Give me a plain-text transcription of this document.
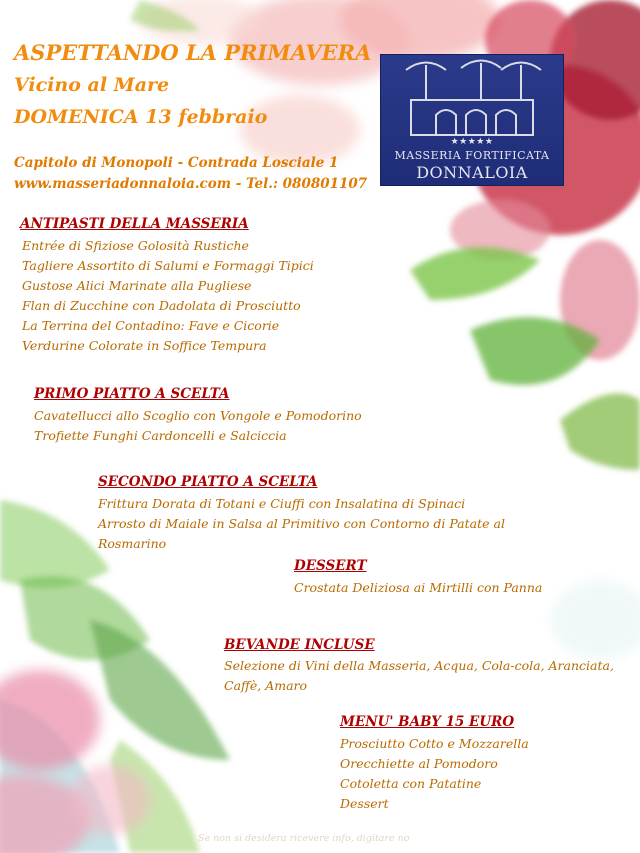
ASPETTANDO LA PRIMAVERA
Vicino al Mare
DOMENICA 13 febbraio
Capitolo di Monopoli - Contrada Losciale 1
www.masseriadonnaloia.com - Tel.: 080801107
★★★★★
MASSERIA FORTIFICATA
DONNALOIA
ANTIPASTI DELLA MASSERIA
Entrée di Sfiziose Golosità Rustiche
Tagliere Assortito di Salumi e Formaggi Tipici
Gustose Alici Marinate alla Pugliese
Flan di Zucchine con Dadolata di Prosciutto
La Terrina del Contadino: Fave e Cicorie
Verdurine Colorate in Soffice Tempura
PRIMO PIATTO A SCELTA
Cavatellucci allo Scoglio con Vongole e Pomodorino
Trofiette Funghi Cardoncelli e Salciccia
SECONDO PIATTO A SCELTA
Frittura Dorata di Totani e Ciuffi con Insalatina di Spinaci
Arrosto di Maiale in Salsa al Primitivo con Contorno di Patate al
Rosmarino
DESSERT
Crostata Deliziosa ai Mirtilli con Panna
BEVANDE INCLUSE
Selezione di Vini della Masseria, Acqua, Cola-cola, Aranciata,
Caffè, Amaro
MENU' BABY 15 EURO
Prosciutto Cotto e Mozzarella
Orecchiette al Pomodoro
Cotoletta con Patatine
Dessert
Se non si desidera ricevere info, digitare no
